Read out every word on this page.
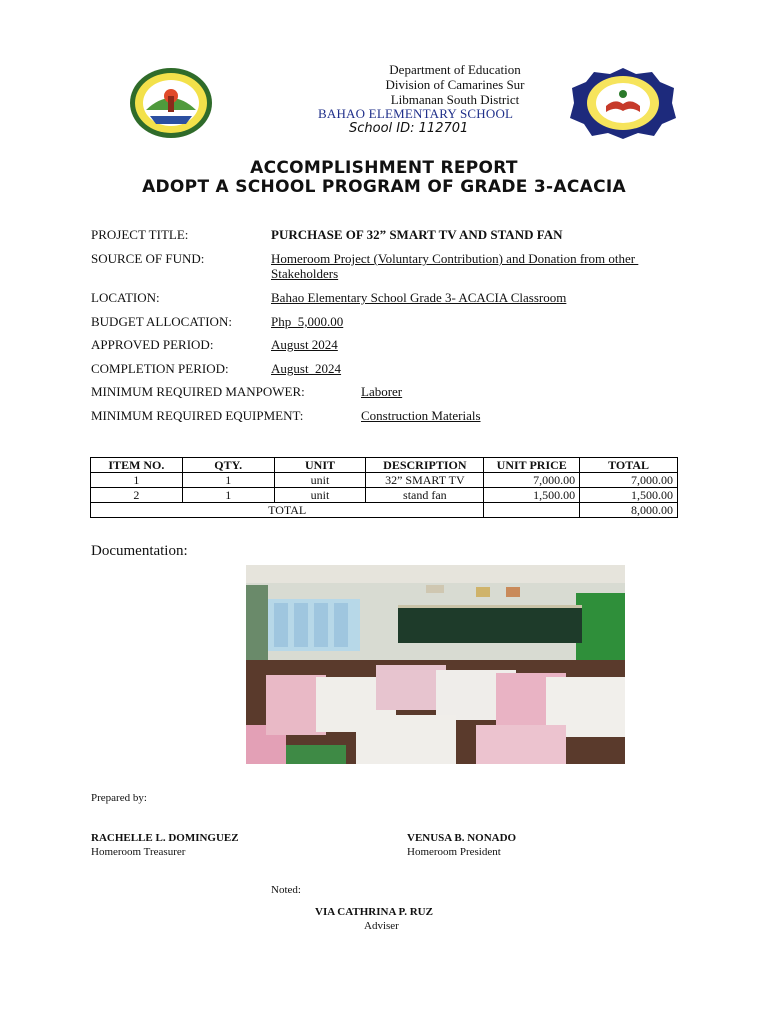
Department of Education
Division of Camarines Sur
Libmanan South District
BAHAO ELEMENTARY SCHOOL
School ID: 112701
ACCOMPLISHMENT REPORT
ADOPT A SCHOOL PROGRAM OF GRADE 3-ACACIA
PROJECT TITLE:	PURCHASE OF 32” SMART TV AND STAND FAN
SOURCE OF FUND:	Homeroom Project (Voluntary Contribution) and Donation from other
Stakeholders
LOCATION:	Bahao Elementary School Grade 3- ACACIA Classroom
BUDGET ALLOCATION:	Php  5,000.00
APPROVED PERIOD:	August 2024
COMPLETION PERIOD:	August  2024
MINIMUM REQUIRED MANPOWER:	Laborer
MINIMUM REQUIRED EQUIPMENT:	Construction Materials
ITEM NO.	QTY.	UNIT	DESCRIPTION	UNIT PRICE	TOTAL
1	1	unit	32” SMART TV	7,000.00	7,000.00
2	1	unit	stand fan	1,500.00	1,500.00
TOTAL					8,000.00
Documentation:
Prepared by:
RACHELLE L. DOMINGUEZ
Homeroom Treasurer
VENUSA B. NONADO
Homeroom President
Noted:
VIA CATHRINA P. RUZ
Adviser
